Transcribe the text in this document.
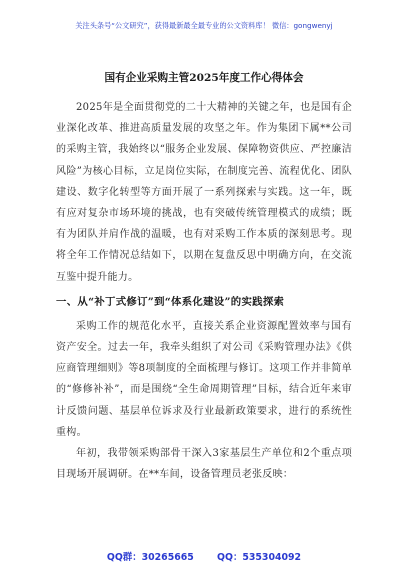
关注头条号“公文研究”，获得最新最全最专业的公文资料库！ 微信：gongwenyj
国有企业采购主管2025年度工作心得体会

2025年是全面贯彻党的二十大精神的关键之年，也是国有企业深化改革、推进高质量发展的攻坚之年。作为集团下属**公司的采购主管，我始终以“服务企业发展、保障物资供应、严控廉洁风险”为核心目标，立足岗位实际，在制度完善、流程优化、团队建设、数字化转型等方面开展了一系列探索与实践。这一年，既有应对复杂市场环境的挑战，也有突破传统管理模式的成绩；既有为团队并肩作战的温暖，也有对采购工作本质的深刻思考。现将全年工作情况总结如下，以期在复盘反思中明确方向，在交流互鉴中提升能力。

一、从“补丁式修订”到“体系化建设”的实践探索

采购工作的规范化水平，直接关系企业资源配置效率与国有资产安全。过去一年，我牵头组织了对公司《采购管理办法》《供应商管理细则》等8项制度的全面梳理与修订。这项工作并非简单的“修修补补”，而是围绕“全生命周期管理”目标，结合近年来审计反馈问题、基层单位诉求及行业最新政策要求，进行的系统性重构。

年初，我带领采购部骨干深入3家基层生产单位和2个重点项目现场开展调研。在**车间，设备管理员老张反映：

QQ群：30265665 QQ：535304092
